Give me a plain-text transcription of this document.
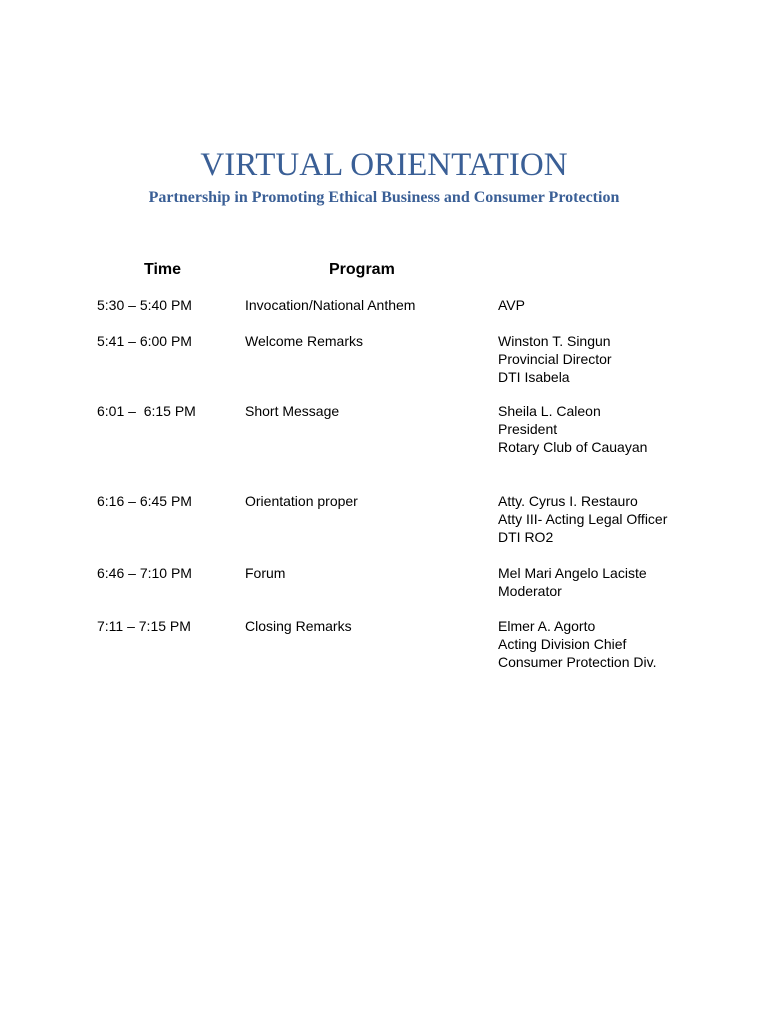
VIRTUAL ORIENTATION
Partnership in Promoting Ethical Business and Consumer Protection
Time	Program
5:30 – 5:40 PM	Invocation/National Anthem	AVP
5:41 – 6:00 PM	Welcome Remarks	Winston T. Singun
Provincial Director
DTI Isabela
6:01 –  6:15 PM	Short Message	Sheila L. Caleon
President
Rotary Club of Cauayan
6:16 – 6:45 PM	Orientation proper	Atty. Cyrus I. Restauro
Atty III- Acting Legal Officer
DTI RO2
6:46 – 7:10 PM	Forum	Mel Mari Angelo Laciste
Moderator
7:11 – 7:15 PM	Closing Remarks	Elmer A. Agorto
Acting Division Chief
Consumer Protection Div.
